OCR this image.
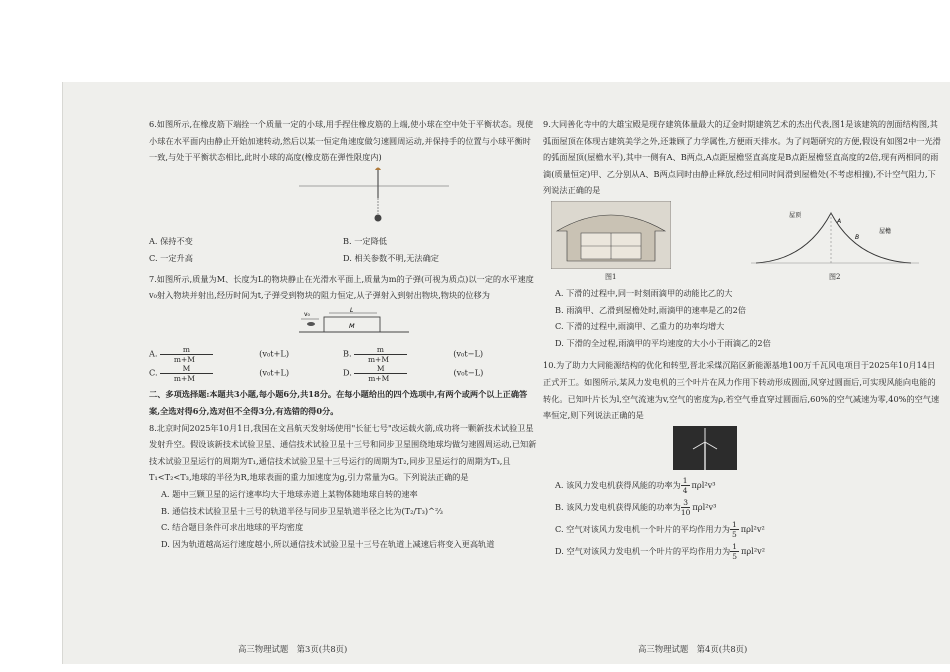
6.如图所示,在橡皮筋下端拴一个质量一定的小球,用手捏住橡皮筋的上端,使小球在空中处于平衡状态。现使小球在水平面内由静止开始加速转动,然后以某一恒定角速度做匀速圆周运动,并保持手的位置与小球平衡时一致,与处于平衡状态相比,此时小球的高度(橡皮筋在弹性限度内)

A. 保持不变	B. 一定降低
C. 一定升高	D. 相关参数不明,无法确定

7.如图所示,质量为M、长度为L的物块静止在光滑水平面上,质量为m的子弹(可视为质点)以一定的水平速度v₀射入物块并射出,经历时间为t,子弹受到物块的阻力恒定,从子弹射入到射出物块,物块的位移为

v₀
L
M
A. $\frac{m}{m+M} (v_0t+L)$	B. $\frac{m}{m+M} (v_0t-L)$
C. $\frac{M}{m+M} (v_0t+L)$	D. $\frac{M}{m+M} (v_0t-L)$

二、多项选择题:本题共3小题,每小题6分,共18分。在每小题给出的四个选项中,有两个或两个以上正确答案,全选对得6分,选对但不全得3分,有选错的得0分。

8.北京时间2025年10月1日,我国在文昌航天发射场使用"长征七号"改运载火箭,成功将一颗新技术试验卫星发射升空。假设该新技术试验卫星、通信技术试验卫星十三号和同步卫星围绕地球均做匀速圆周运动,已知新技术试验卫星运行的周期为T₁,通信技术试验卫星十三号运行的周期为T₂,同步卫星运行的周期为T₃,且T₁<T₂<T₃,地球的半径为R,地球表面的重力加速度为g,引力常量为G。下列说法正确的是

A. 题中三颗卫星的运行速率均大于地球赤道上某物体随地球自转的速率
B. 通信技术试验卫星十三号的轨道半径与同步卫星轨道半径之比为(T₂/T₃)^⅔
C. 结合题目条件可求出地球的平均密度
D. 因为轨道越高运行速度越小,所以通信技术试验卫星十三号在轨道上减速后将变入更高轨道
高三物理试题　第3页(共8页)

9.大同善化寺中的大雄宝殿是现存建筑体量最大的辽金时期建筑艺术的杰出代表,图1是该建筑的剖面结构图,其弧面屋顶在体现古建筑美学之外,还兼顾了力学属性,方便雨天排水。为了问题研究的方便,假设有如图2中一光滑的弧面屋顶(屋檐水平),其中一侧有A、B两点,A点距屋檐竖直高度是B点距屋檐竖直高度的2倍,现有两相同的雨滴(质量恒定)甲、乙分别从A、B两点同时由静止释放,经过相同时间滑到屋檐处(不考虑相撞),不计空气阻力,下列说法正确的是

屋顶
屋檐
A
B
图1	图2
A. 下滑的过程中,同一时刻雨滴甲的动能比乙的大
B. 雨滴甲、乙滑到屋檐处时,雨滴甲的速率是乙的2倍
C. 下滑的过程中,雨滴甲、乙重力的功率均增大
D. 下滑的全过程,雨滴甲的平均速度的大小小于雨滴乙的2倍

10.为了助力大同能源结构的优化和转型,晋北采煤沉陷区新能源基地100万千瓦风电项目于2025年10月14日正式开工。如图所示,某风力发电机的三个叶片在风力作用下转动形成圆面,风穿过圆面后,可实现风能向电能的转化。已知叶片长为l,空气流速为v,空气的密度为ρ,若空气垂直穿过圆面后,60%的空气减速为零,40%的空气速率恒定,则下列说法正确的是

A. 该风力发电机获得风能的功率为 $\frac{1}{4} \pi\rho l^2v^3$
B. 该风力发电机获得风能的功率为 $\frac{3}{10} \pi\rho l^2v^3$
C. 空气对该风力发电机一个叶片的平均作用力为 $\frac{1}{5} \pi\rho l^2v^2$
D. 空气对该风力发电机一个叶片的平均作用力为 $\frac{1}{5} \pi\rho l^2v^2$
高三物理试题　第4页(共8页)
